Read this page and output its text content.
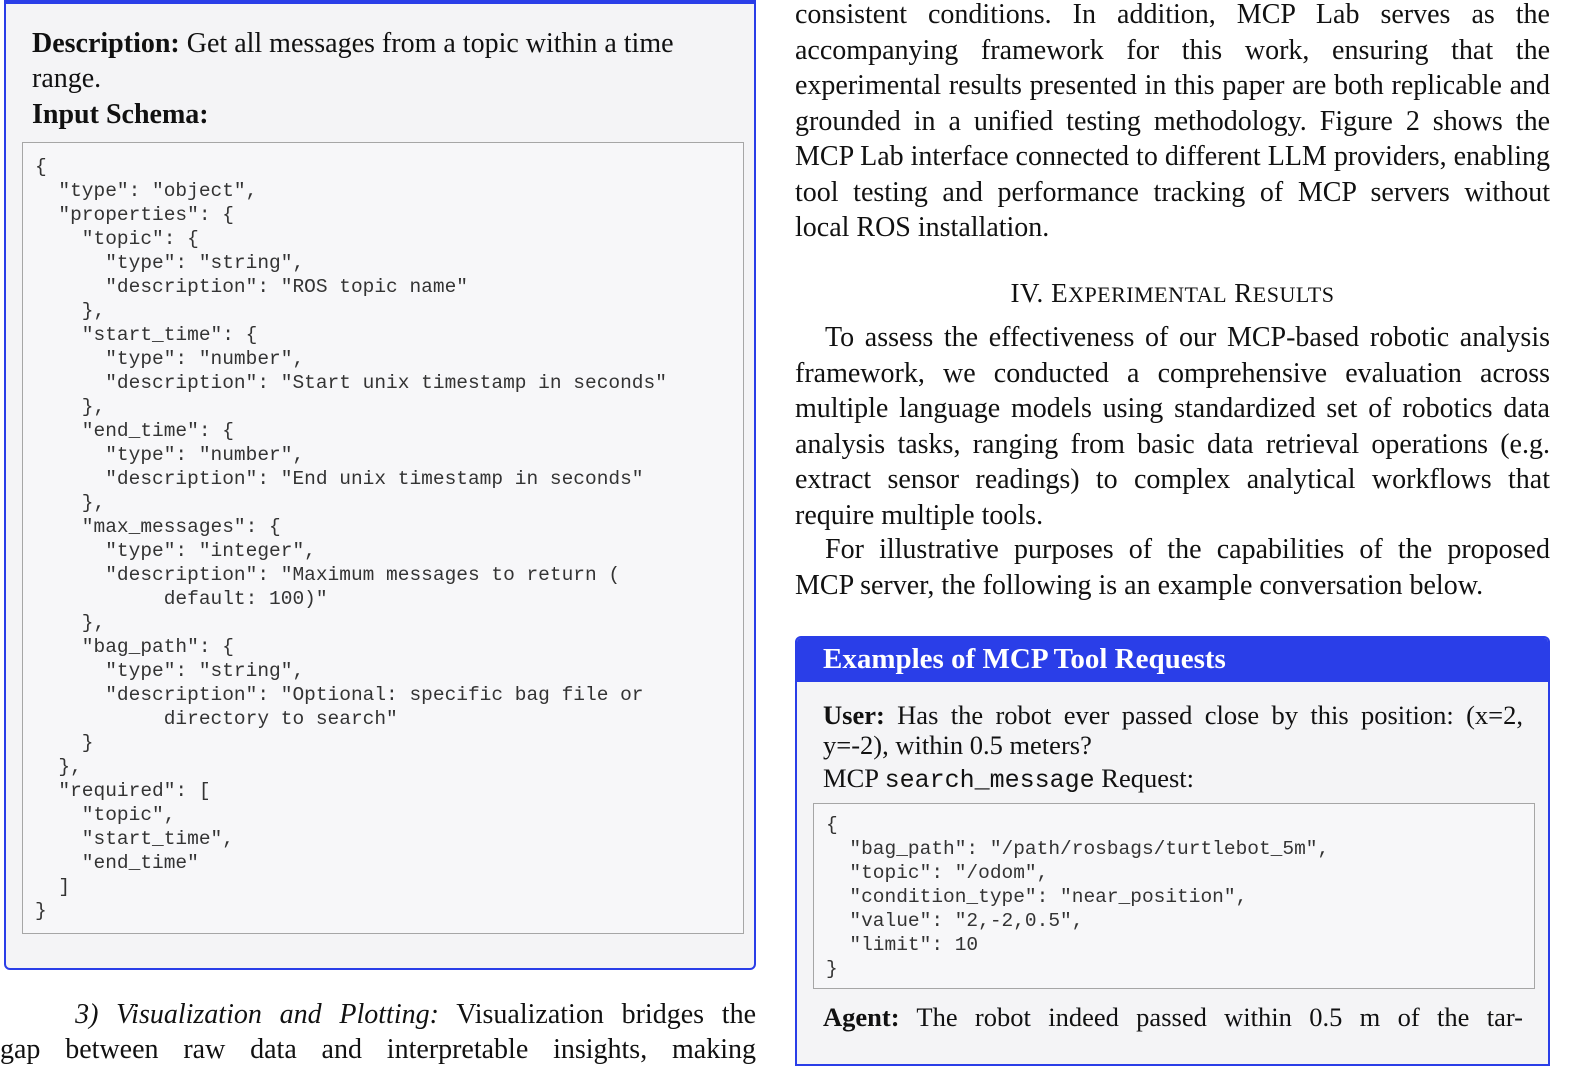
Description: Get all messages from a topic within a time range.

Input Schema:

{
"type": "object",
"properties": {
"topic": {
"type": "string",
"description": "ROS topic name"
},
"start_time": {
"type": "number",
"description": "Start unix timestamp in seconds"
},
"end_time": {
"type": "number",
"description": "End unix timestamp in seconds"
},
"max_messages": {
"type": "integer",
"description": "Maximum messages to return (
default: 100)"
},
"bag_path": {
"type": "string",
"description": "Optional: specific bag file or
directory to search"
}
},
"required": [
"topic",
"start_time",
"end_time"
]
}

3) Visualization and Plotting: Visualization bridges the

gap between raw data and interpretable insights, making

consistent conditions. In addition, MCP Lab serves as the accompanying framework for this work, ensuring that the experimental results presented in this paper are both replicable and grounded in a unified testing methodology. Figure 2 shows the MCP Lab interface connected to different LLM providers, enabling tool testing and performance tracking of MCP servers without local ROS installation.

IV. EXPERIMENTAL RESULTS

To assess the effectiveness of our MCP-based robotic analysis framework, we conducted a comprehensive evaluation across multiple language models using standardized set of robotics data analysis tasks, ranging from basic data retrieval operations (e.g. extract sensor readings) to complex analytical workflows that require multiple tools.

For illustrative purposes of the capabilities of the proposed MCP server, the following is an example conversation below.

Examples of MCP Tool Requests

User: Has the robot ever passed close by this position: (x=2, y=-2), within 0.5 meters?

MCP search_message Request:

{
"bag_path": "/path/rosbags/turtlebot_5m",
"topic": "/odom",
"condition_type": "near_position",
"value": "2,-2,0.5",
"limit": 10
}

Agent: The robot indeed passed within 0.5 m of the tar-
